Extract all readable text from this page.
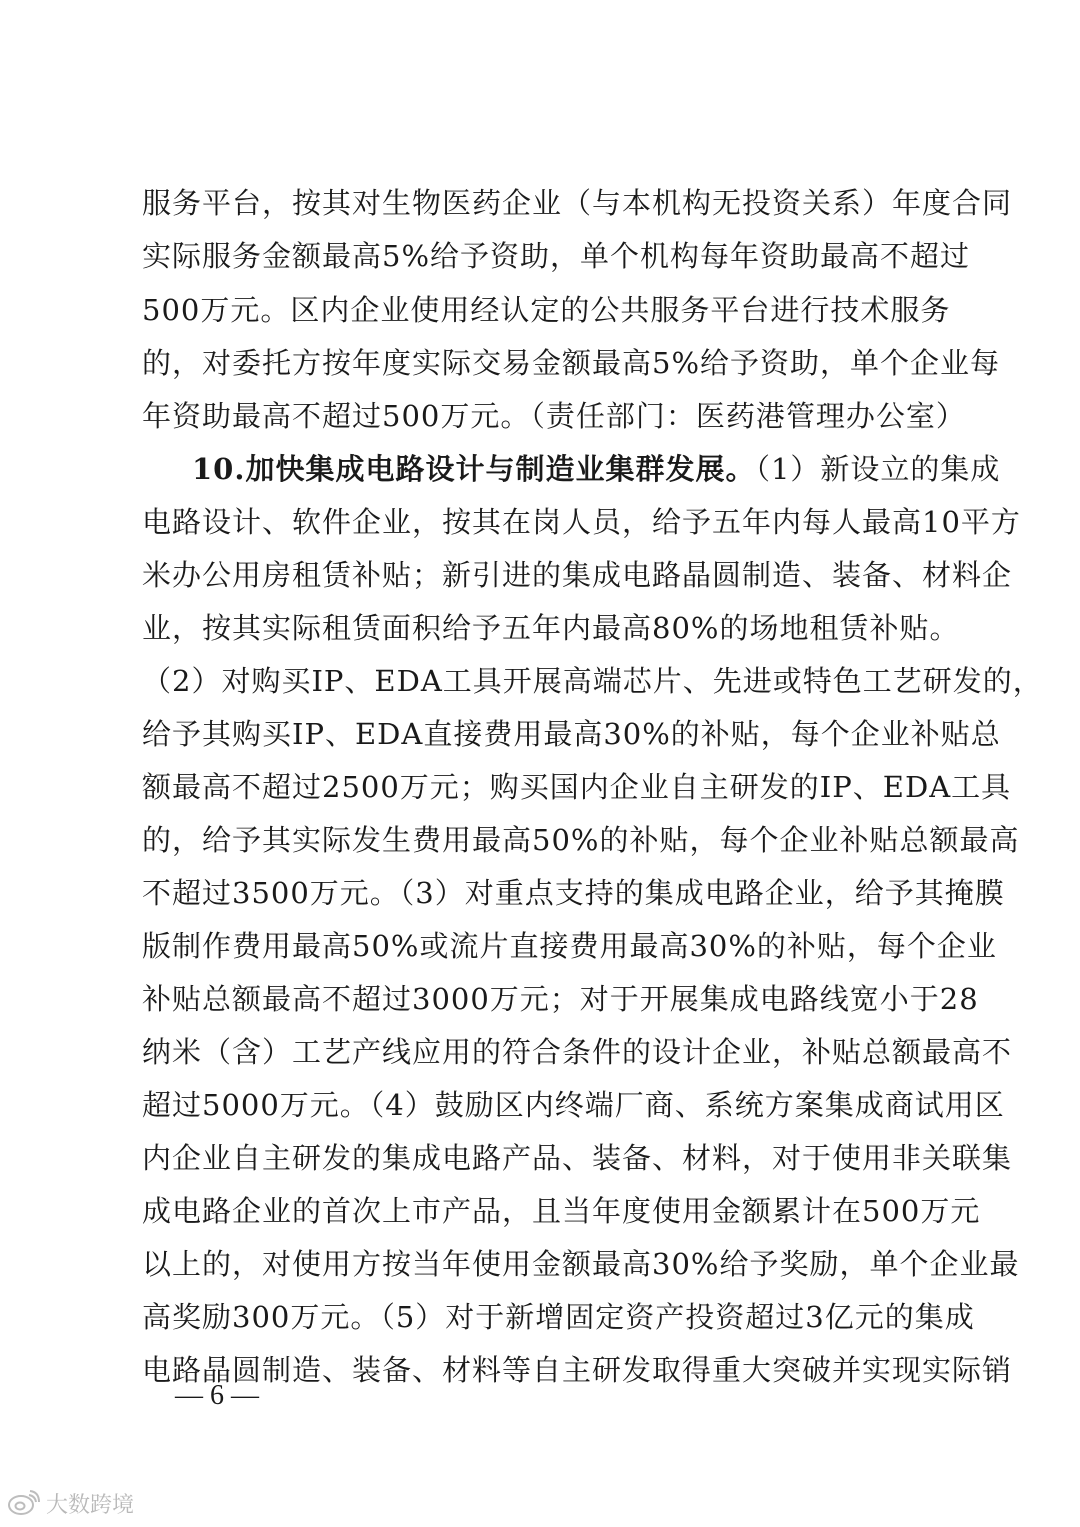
服务平台，按其对生物医药企业（与本机构无投资关系）年度合同
实际服务金额最高5%给予资助，单个机构每年资助最高不超过
500万元。区内企业使用经认定的公共服务平台进行技术服务
的，对委托方按年度实际交易金额最高5%给予资助，单个企业每
年资助最高不超过500万元。（责任部门：医药港管理办公室）
10.加快集成电路设计与制造业集群发展。（1）新设立的集成
电路设计、软件企业，按其在岗人员，给予五年内每人最高10平方
米办公用房租赁补贴；新引进的集成电路晶圆制造、装备、材料企
业，按其实际租赁面积给予五年内最高80%的场地租赁补贴。
（2）对购买IP、EDA工具开展高端芯片、先进或特色工艺研发的，
给予其购买IP、EDA直接费用最高30%的补贴，每个企业补贴总
额最高不超过2500万元；购买国内企业自主研发的IP、EDA工具
的，给予其实际发生费用最高50%的补贴，每个企业补贴总额最高
不超过3500万元。（3）对重点支持的集成电路企业，给予其掩膜
版制作费用最高50%或流片直接费用最高30%的补贴，每个企业
补贴总额最高不超过3000万元；对于开展集成电路线宽小于28
纳米（含）工艺产线应用的符合条件的设计企业，补贴总额最高不
超过5000万元。（4）鼓励区内终端厂商、系统方案集成商试用区
内企业自主研发的集成电路产品、装备、材料，对于使用非关联集
成电路企业的首次上市产品，且当年度使用金额累计在500万元
以上的，对使用方按当年使用金额最高30%给予奖励，单个企业最
高奖励300万元。（5）对于新增固定资产投资超过3亿元的集成
电路晶圆制造、装备、材料等自主研发取得重大突破并实现实际销
— 6 —
大数跨境
